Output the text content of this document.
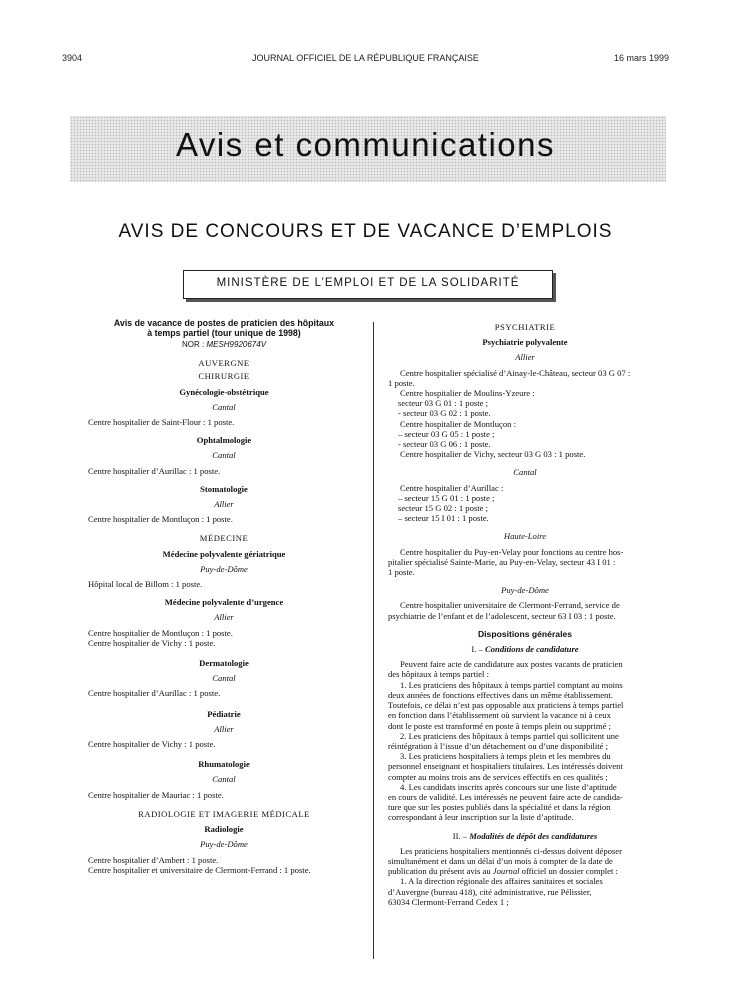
3904	JOURNAL OFFICIEL DE LA RÉPUBLIQUE FRANÇAISE	16 mars 1999
Avis et communications
AVIS DE CONCOURS ET DE VACANCE D’EMPLOIS
MINISTÈRE DE L’EMPLOI ET DE LA SOLIDARITÉ
Avis de vacance de postes de praticien des hôpitaux
à temps partiel (tour unique de 1998)
NOR : MESH9920674V
AUVERGNE
CHIRURGIE
Gynécologie-obstétrique
Cantal
Centre hospitalier de Saint-Flour : 1 poste.
Ophtalmologie
Cantal
Centre hospitalier d’Aurillac : 1 poste.
Stomatologie
Allier
Centre hospitalier de Montluçon : 1 poste.
MÉDECINE
Médecine polyvalente gériatrique
Puy-de-Dôme
Hôpital local de Billom : 1 poste.
Médecine polyvalente d’urgence
Allier
Centre hospitalier de Montluçon : 1 poste.
Centre hospitalier de Vichy : 1 poste.
Dermatologie
Cantal
Centre hospitalier d’Aurillac : 1 poste.
Pédiatrie
Allier
Centre hospitalier de Vichy : 1 poste.
Rhumatologie
Cantal
Centre hospitalier de Mauriac : 1 poste.
RADIOLOGIE ET IMAGERIE MÉDICALE
Radiologie
Puy-de-Dôme
Centre hospitalier d’Ambert : 1 poste.
Centre hospitalier et universitaire de Clermont-Ferrand : 1 poste.
PSYCHIATRIE
Psychiatrie polyvalente
Allier
Centre hospitalier spécialisé d’Ainay-le-Château, secteur 03 G 07 :
1 poste.
Centre hospitalier de Moulins-Yzeure :
secteur 03 G 01 : 1 poste ;
- secteur 03 G 02 : 1 poste.
Centre hospitalier de Montluçon :
– secteur 03 G 05 : 1 poste ;
- secteur 03 G 06 : 1 poste.
Centre hospitalier de Vichy, secteur 03 G 03 : 1 poste.
Cantal
Centre hospitalier d’Aurillac :
– secteur 15 G 01 : 1 poste ;
secteur 15 G 02 : 1 poste ;
– secteur 15 I 01 : 1 poste.
Haute-Loire
Centre hospitalier du Puy-en-Velay pour fonctions au centre hos-
pitalier spécialisé Sainte-Marie, au Puy-en-Velay, secteur 43 I 01 :
1 poste.
Puy-de-Dôme
Centre hospitalier universitaire de Clermont-Ferrand, service de
psychiatrie de l’enfant et de l’adolescent, secteur 63 I 03 : 1 poste.
Dispositions générales
I. – Conditions de candidature
Peuvent faire acte de candidature aux postes vacants de praticien
des hôpitaux à temps partiel :
1. Les praticiens des hôpitaux à temps partiel comptant au moins
deux années de fonctions effectives dans un même établissement.
Toutefois, ce délai n’est pas opposable aux praticiens à temps partiel
en fonction dans l’établissement où survient la vacance ni à ceux
dont le poste est transformé en poste à temps plein ou supprimé ;
2. Les praticiens des hôpitaux à temps partiel qui sollicitent une
réintégration à l’issue d’un détachement ou d’une disponibilité ;
3. Les praticiens hospitaliers à temps plein et les membres du
personnel enseignant et hospitaliers titulaires. Les intéressés doivent
compter au moins trois ans de services effectifs en ces qualités ;
4. Les candidats inscrits après concours sur une liste d’aptitude
en cours de validité. Les intéressés ne peuvent faire acte de candida-
ture que sur les postes publiés dans la spécialité et dans la région
correspondant à leur inscription sur la liste d’aptitude.
II. – Modalités de dépôt des candidatures
Les praticiens hospitaliers mentionnés ci-dessus doivent déposer
simultanément et dans un délai d’un mois à compter de la date de
publication du présent avis au Journal officiel un dossier complet :
1. A la direction régionale des affaires sanitaires et sociales
d’Auvergne (bureau 418), cité administrative, rue Pélissier,
63034 Clermont-Ferrand Cedex 1 ;
